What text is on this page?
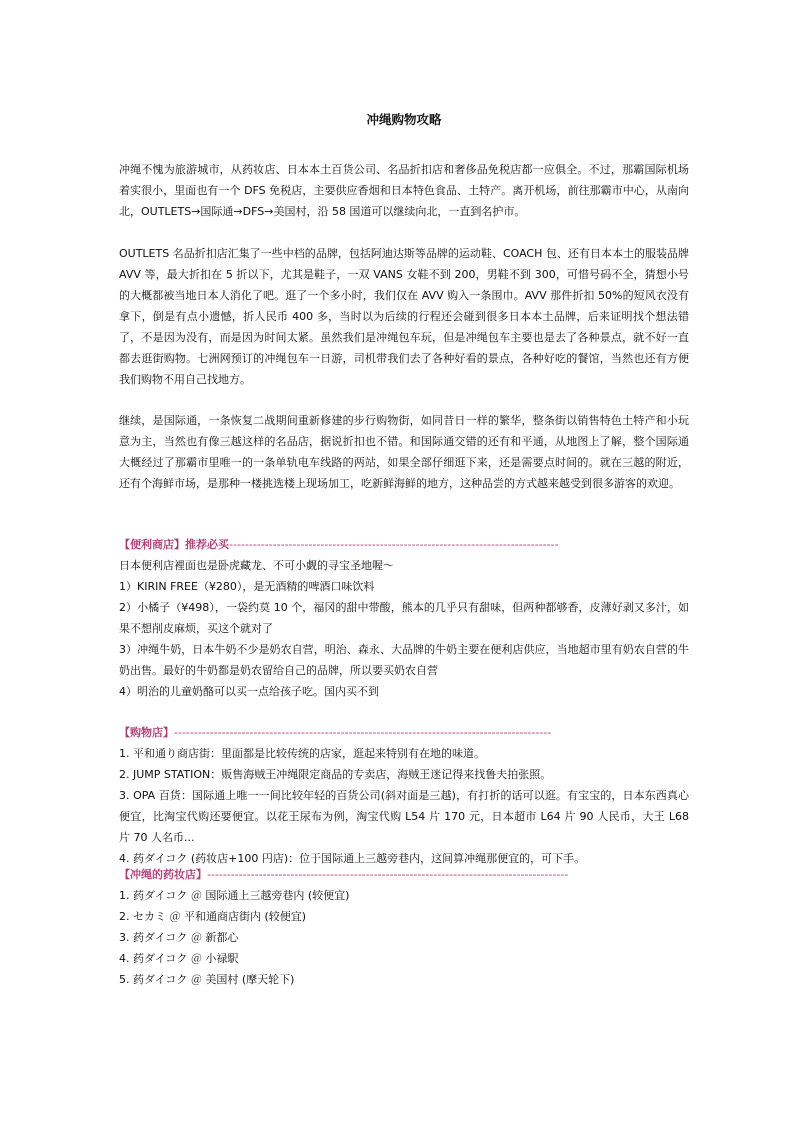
冲绳购物攻略

冲绳不愧为旅游城市，从药妆店、日本本土百货公司、名品折扣店和奢侈品免税店都一应俱全。不过，那霸国际机场着实很小，里面也有一个 DFS 免税店，主要供应香烟和日本特色食品、土特产。离开机场，前往那霸市中心，从南向北，OUTLETS→国际通→DFS→美国村，沿 58 国道可以继续向北，一直到名护市。

OUTLETS 名品折扣店汇集了一些中档的品牌，包括阿迪达斯等品牌的运动鞋、COACH 包、还有日本本土的服装品牌 AVV 等，最大折扣在 5 折以下，尤其是鞋子，一双 VANS 女鞋不到 200，男鞋不到 300，可惜号码不全，猜想小号的大概都被当地日本人消化了吧。逛了一个多小时，我们仅在 AVV 购入一条围巾。AVV 那件折扣 50%的短风衣没有拿下，倒是有点小遗憾，折人民币 400 多，当时以为后续的行程还会碰到很多日本本土品牌，后来证明找个想法错了，不是因为没有，而是因为时间太紧。虽然我们是冲绳包车玩，但是冲绳包车主要也是去了各种景点，就不好一直都去逛街购物。七洲网预订的冲绳包车一日游，司机带我们去了各种好看的景点，各种好吃的餐馆，当然也还有方便我们购物不用自己找地方。

继续，是国际通，一条恢复二战期间重新修建的步行购物街，如同昔日一样的繁华，整条街以销售特色土特产和小玩意为主，当然也有像三越这样的名品店，据说折扣也不错。和国际通交错的还有和平通，从地图上了解，整个国际通大概经过了那霸市里唯一的一条单轨电车线路的两站，如果全部仔细逛下来，还是需要点时间的。就在三越的附近，还有个海鲜市场，是那种一楼挑选楼上现场加工，吃新鲜海鲜的地方，这种品尝的方式越来越受到很多游客的欢迎。

【便利商店】推荐必买-----------------------------------------------------------------------------------

日本便利店裡面也是卧虎藏龙、不可小觑的寻宝圣地喔～

1）KIRIN FREE（¥280），是无酒精的啤酒口味饮料

2）小橘子（¥498），一袋约莫 10 个，福冈的甜中带酸，熊本的几乎只有甜味，但两种都够香，皮薄好剥又多汁，如果不想削皮麻烦，买这个就对了

3）冲绳牛奶，日本牛奶不少是奶农自营，明治、森永、大品牌的牛奶主要在便利店供应，当地超市里有奶农自营的牛奶出售。最好的牛奶都是奶农留给自己的品牌，所以要买奶农自营

4）明治的儿童奶酪可以买一点给孩子吃。国内买不到

【购物店】-----------------------------------------------------------------------------------------------

1. 平和通り商店街：里面都是比较传统的店家，逛起来特别有在地的味道。

2. JUMP STATION：贩售海贼王冲绳限定商品的专卖店，海贼王迷记得来找鲁夫拍张照。

3. OPA 百货：国际通上唯一一间比较年轻的百货公司(斜对面是三越)，有打折的话可以逛。有宝宝的，日本东西真心便宜，比淘宝代购还要便宜。以花王尿布为例，淘宝代购 L54 片 170 元，日本超市 L64 片 90 人民币，大王 L68 片 70 人名币...

4. 药ダイコク (药妆店+100 円店)：位于国际通上三越旁巷内，这间算冲绳那便宜的，可下手。

【冲绳的药妆店】-------------------------------------------------------------------------------------------

1. 药ダイコク ＠ 国际通上三越旁巷内 (较便宜)

2. セカミ ＠ 平和通商店街内 (较便宜)

3. 药ダイコク ＠ 新都心

4. 药ダイコク ＠ 小禄駅

5. 药ダイコク ＠ 美国村 (摩天轮下)
